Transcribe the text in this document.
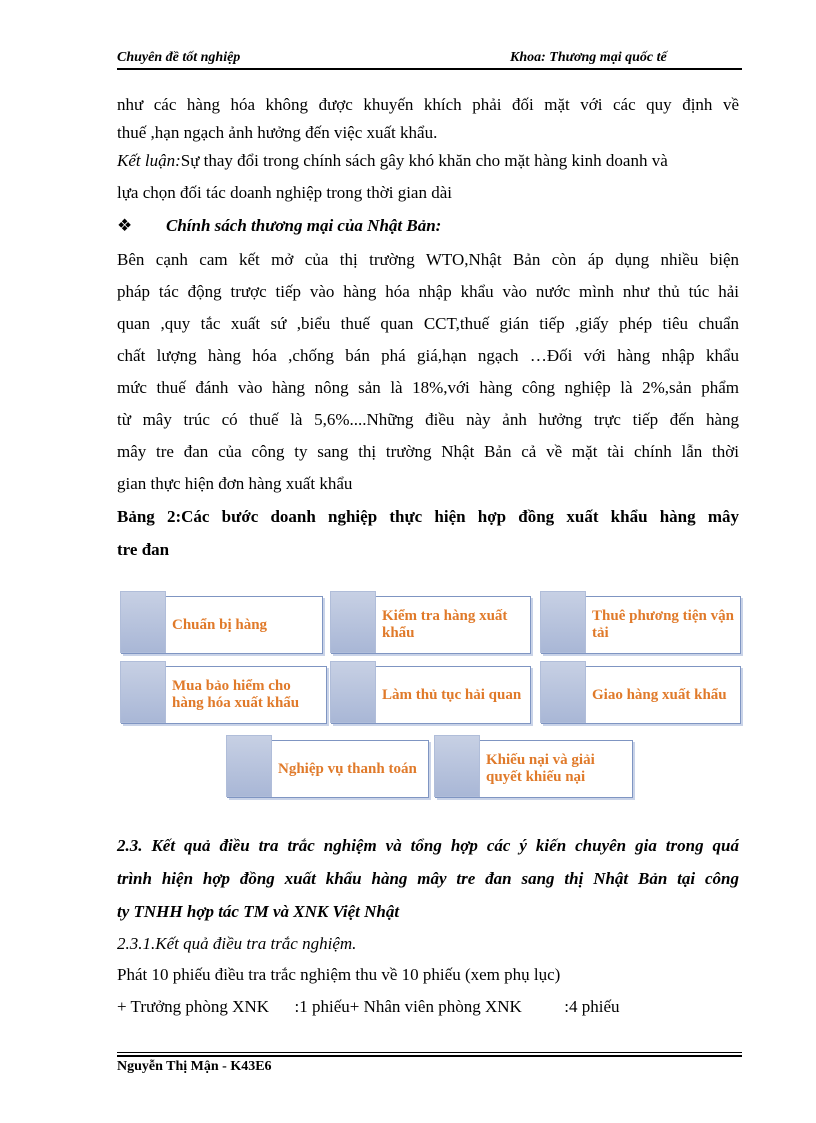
Chuyên đề tốt nghiệp	Khoa: Thương mại quốc tế

như các hàng hóa không được khuyến khích phải đối mặt với các quy định về

thuế ,hạn ngạch ảnh hưởng đến việc xuất khẩu.

Kết luận:Sự thay đổi trong chính sách gây khó khăn cho mặt hàng kinh doanh và

lựa chọn đối tác doanh nghiệp trong thời gian dài

❖ Chính sách thương mại của Nhật Bản:

Bên cạnh cam kết mở của thị trường WTO,Nhật Bản còn áp dụng nhiều biện

pháp tác động trược tiếp vào hàng hóa nhập khẩu vào nước mình như thủ túc hải

quan ,quy tắc xuất sứ ,biểu thuế quan CCT,thuế gián tiếp ,giấy phép tiêu chuẩn

chất lượng hàng hóa ,chống bán phá giá,hạn ngạch …Đối với hàng nhập khẩu

mức thuế đánh vào hàng nông sản là 18%,với hàng công nghiệp là 2%,sản phẩm

từ mây trúc có thuế là 5,6%....Những điều này ảnh hưởng trực tiếp đến hàng

mây tre đan của công ty sang thị trường Nhật Bản cả về mặt tài chính lẫn thời

gian thực hiện đơn hàng xuất khẩu

Bảng 2:Các bước doanh nghiệp thực hiện hợp đồng xuất khẩu hàng mây

tre đan

Chuẩn bị hàng
Kiểm tra hàng xuất khẩu
Thuê phương tiện vận tải
Mua bảo hiểm cho hàng hóa xuất khẩu
Làm thủ tục hải quan	Giao hàng xuất khẩu
Nghiệp vụ thanh toán
Khiếu nại và giải quyết khiếu nại

2.3. Kết quả điều tra trắc nghiệm và tổng hợp các ý kiến chuyên gia trong quá

trình hiện hợp đồng xuất khẩu hàng mây tre đan sang thị Nhật Bản tại công

ty TNHH hợp tác TM và XNK Việt Nhật

2.3.1.Kết quả điều tra trắc nghiệm.

Phát 10 phiếu điều tra trắc nghiệm thu về 10 phiếu (xem phụ lục)

+ Trưởng phòng XNK      :1 phiếu+ Nhân viên phòng XNK          :4 phiếu

Nguyễn Thị Mận - K43E6
